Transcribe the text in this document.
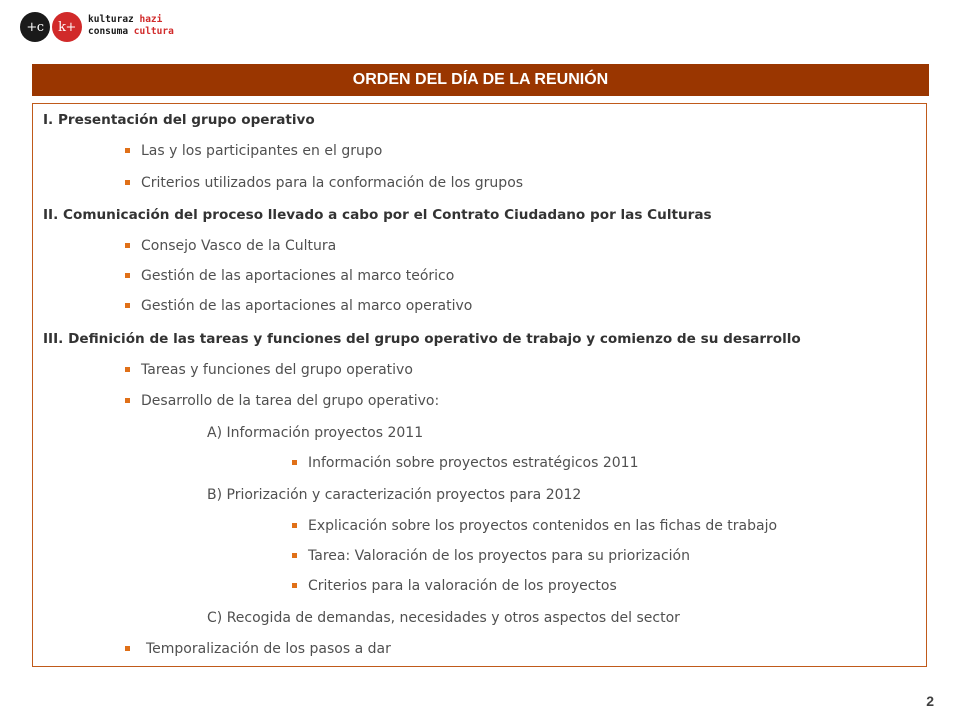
+c	k+	kulturaz hazi
consuma cultura
ORDEN DEL DÍA DE LA REUNIÓN
I. Presentación del grupo operativo
Las y los participantes en el grupo
Criterios utilizados para la conformación de los grupos
II. Comunicación del proceso llevado a cabo por el Contrato Ciudadano por las Culturas
Consejo Vasco de la Cultura
Gestión de las aportaciones al marco teórico
Gestión de las aportaciones al marco operativo
III. Definición de las tareas y funciones del grupo operativo de trabajo y comienzo de su desarrollo
Tareas y funciones del grupo operativo
Desarrollo de la tarea del grupo operativo:
A) Información proyectos 2011
Información sobre proyectos estratégicos 2011
B) Priorización y caracterización proyectos para 2012
Explicación sobre los proyectos contenidos en las fichas de trabajo
Tarea: Valoración de los proyectos para su priorización
Criterios para la valoración de los proyectos
C) Recogida de demandas, necesidades y otros aspectos del sector
Temporalización de los pasos a dar
2
